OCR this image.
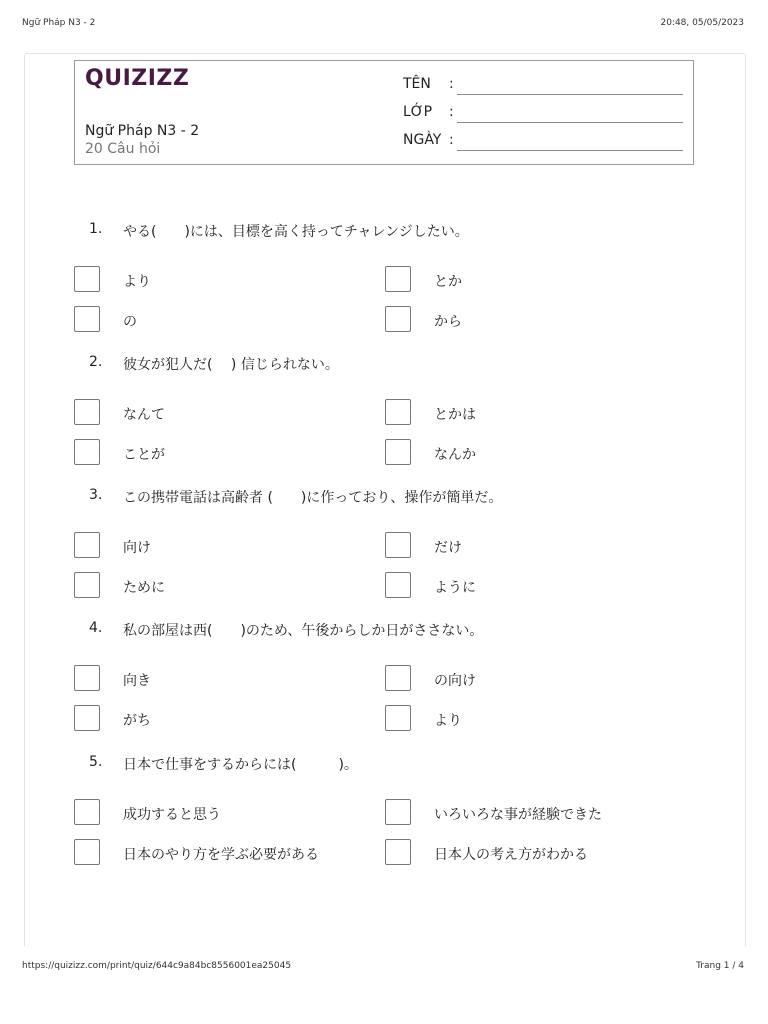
Ngữ Pháp N3 - 2	20:48, 05/05/2023
QUIZIZZ
Ngữ Pháp N3 - 2
20 Câu hỏi
TÊN :
LỚP :
NGÀY :
1. やる(　　)には、目標を高く持ってチャレンジしたい。
より	とか
の	から
2. 彼女が犯人だ(　 ) 信じられない。
なんて	とかは
ことが	なんか
3. この携帯電話は高齢者 (　　)に作っており、操作が簡単だ。
向け	だけ
ために	ように
4. 私の部屋は西(　　)のため、午後からしか日がささない。
向き	の向け
がち	より
5. 日本で仕事をするからには(　　　)。
成功すると思う	いろいろな事が経験できた
日本のやり方を学ぶ必要がある	日本人の考え方がわかる
https://quizizz.com/print/quiz/644c9a84bc8556001ea25045	Trang 1 / 4
